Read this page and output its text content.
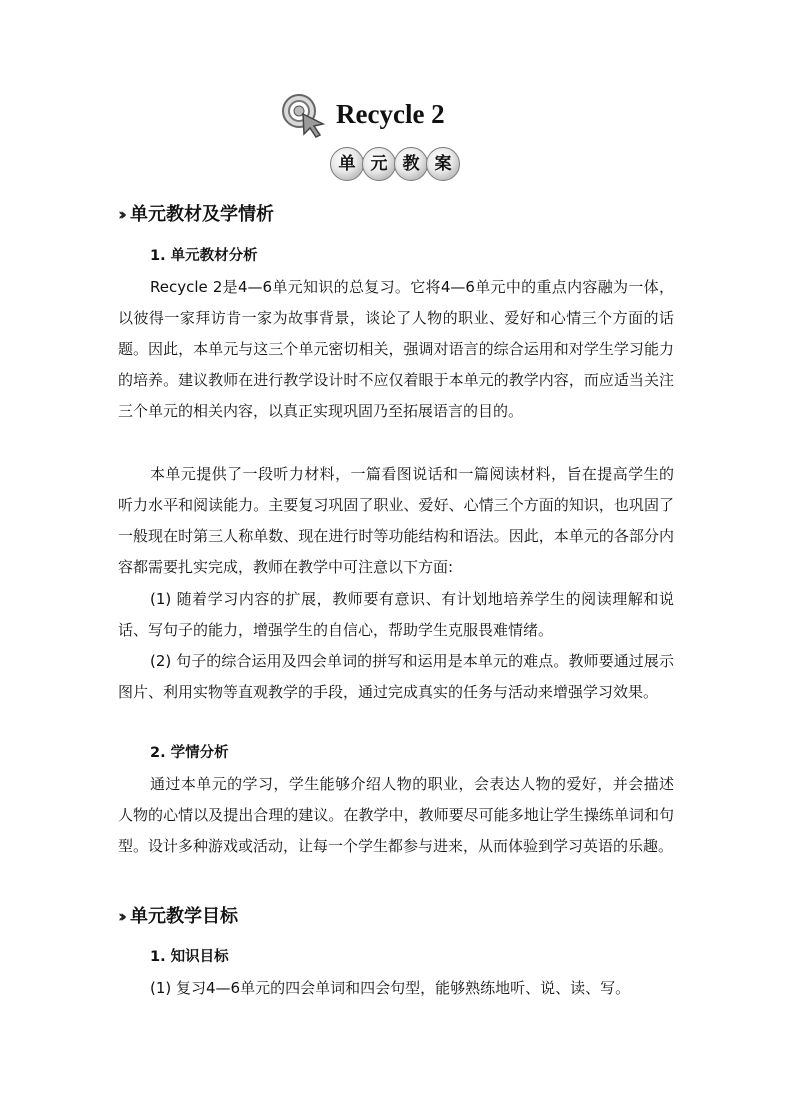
Recycle 2
单 元 教 案
›› 单元教材及学情析
1. 单元教材分析

Recycle 2是4—6单元知识的总复习。它将4—6单元中的重点内容融为一体，以彼得一家拜访肯一家为故事背景，谈论了人物的职业、爱好和心情三个方面的话题。因此，本单元与这三个单元密切相关，强调对语言的综合运用和对学生学习能力的培养。建议教师在进行教学设计时不应仅着眼于本单元的教学内容，而应适当关注三个单元的相关内容，以真正实现巩固乃至拓展语言的目的。

本单元提供了一段听力材料，一篇看图说话和一篇阅读材料，旨在提高学生的听力水平和阅读能力。主要复习巩固了职业、爱好、心情三个方面的知识，也巩固了一般现在时第三人称单数、现在进行时等功能结构和语法。因此，本单元的各部分内容都需要扎实完成，教师在教学中可注意以下方面:

(1) 随着学习内容的扩展，教师要有意识、有计划地培养学生的阅读理解和说话、写句子的能力，增强学生的自信心，帮助学生克服畏难情绪。

(2) 句子的综合运用及四会单词的拼写和运用是本单元的难点。教师要通过展示图片、利用实物等直观教学的手段，通过完成真实的任务与活动来增强学习效果。

2. 学情分析

通过本单元的学习，学生能够介绍人物的职业，会表达人物的爱好，并会描述人物的心情以及提出合理的建议。在教学中，教师要尽可能多地让学生操练单词和句型。设计多种游戏或活动，让每一个学生都参与进来，从而体验到学习英语的乐趣。

›› 单元教学目标
1. 知识目标

(1) 复习4—6单元的四会单词和四会句型，能够熟练地听、说、读、写。
